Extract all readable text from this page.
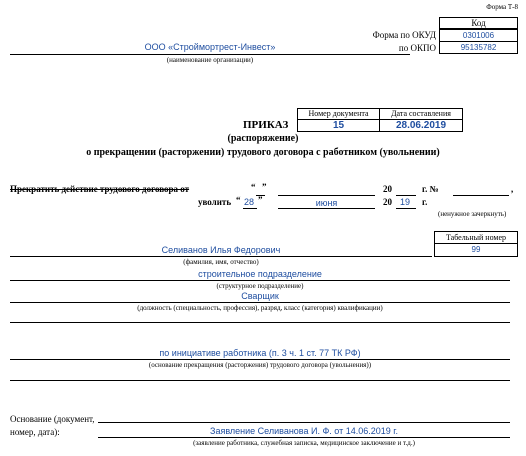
Форма Т-8
Код
Форма по ОКУД	0301006
по ОКПО	95135782
ООО «Строймортрест-Инвест»
(наименование организации)
Номер документа	Дата составления
15	28.06.2019
ПРИКАЗ
(распоряжение)
о прекращении (расторжении) трудового договора с работником (увольнении)
Прекратить действие трудового договора от	“ ”	20	г. №	,
уволить “ 28 ”	июня	20 19 г.
(ненужное зачеркнуть)
Табельный номер
99
Селиванов Илья Федорович
(фамилия, имя, отчество)
строительное подразделение
(структурное подразделение)
Сварщик
(должность (специальность, профессия), разряд, класс (категория) квалификации)
по инициативе работника (п. 3 ч. 1 ст. 77 ТК РФ)
(основание прекращения (расторжения) трудового договора (увольнения))
Основание (документ,
номер, дата):	Заявление Селиванова И. Ф. от 14.06.2019 г.
(заявление работника, служебная записка, медицинское заключение и т.д.)
